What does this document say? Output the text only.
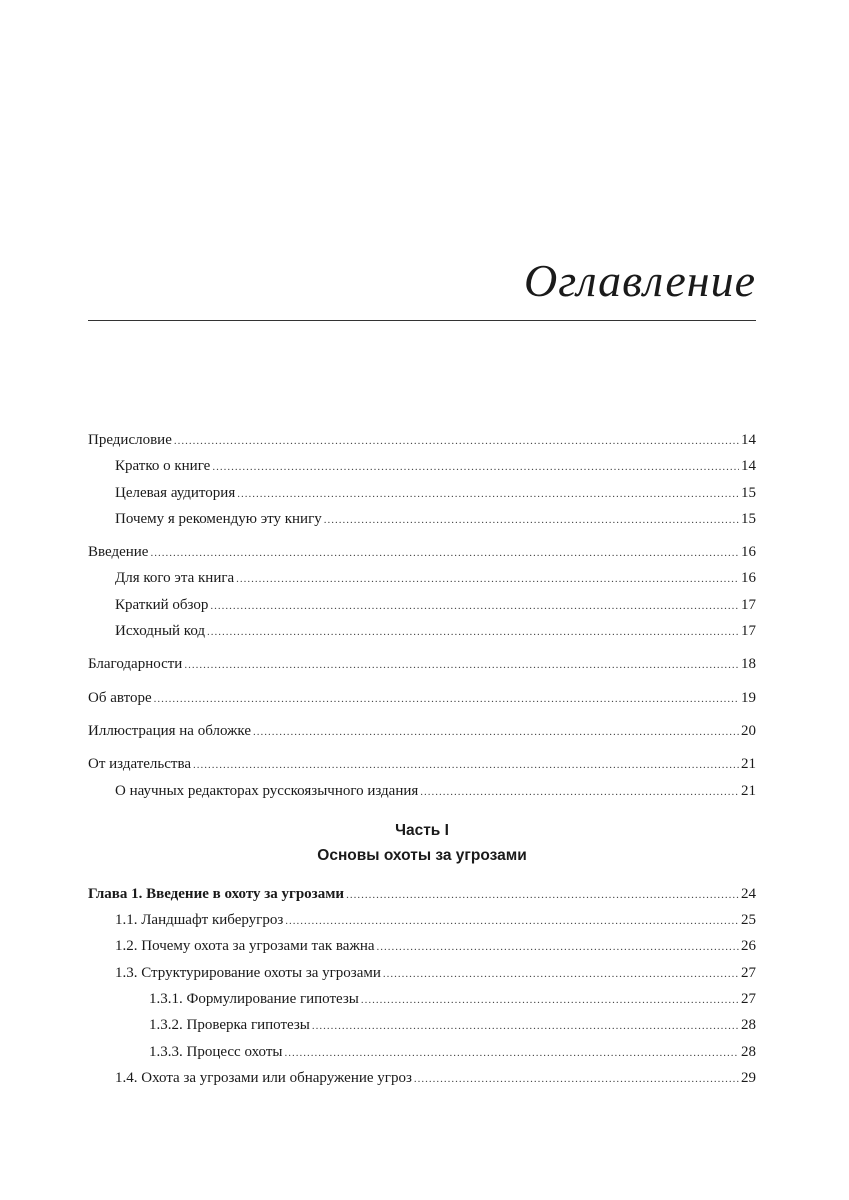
Оглавление
Предисловие .....	14
Кратко о книге .....	14
Целевая аудитория .....	15
Почему я рекомендую эту книгу .....	15
Введение .....	16
Для кого эта книга .....	16
Краткий обзор .....	17
Исходный код .....	17
Благодарности .....	18
Об авторе .....	19
Иллюстрация на обложке .....	20
От издательства .....	21
О научных редакторах русскоязычного издания .....	21
Часть I
Основы охоты за угрозами
Глава 1. Введение в охоту за угрозами .....	24
1.1. Ландшафт киберугроз .....	25
1.2. Почему охота за угрозами так важна .....	26
1.3. Структурирование охоты за угрозами .....	27
1.3.1. Формулирование гипотезы .....	27
1.3.2. Проверка гипотезы .....	28
1.3.3. Процесс охоты .....	28
1.4. Охота за угрозами или обнаружение угроз .....	29
